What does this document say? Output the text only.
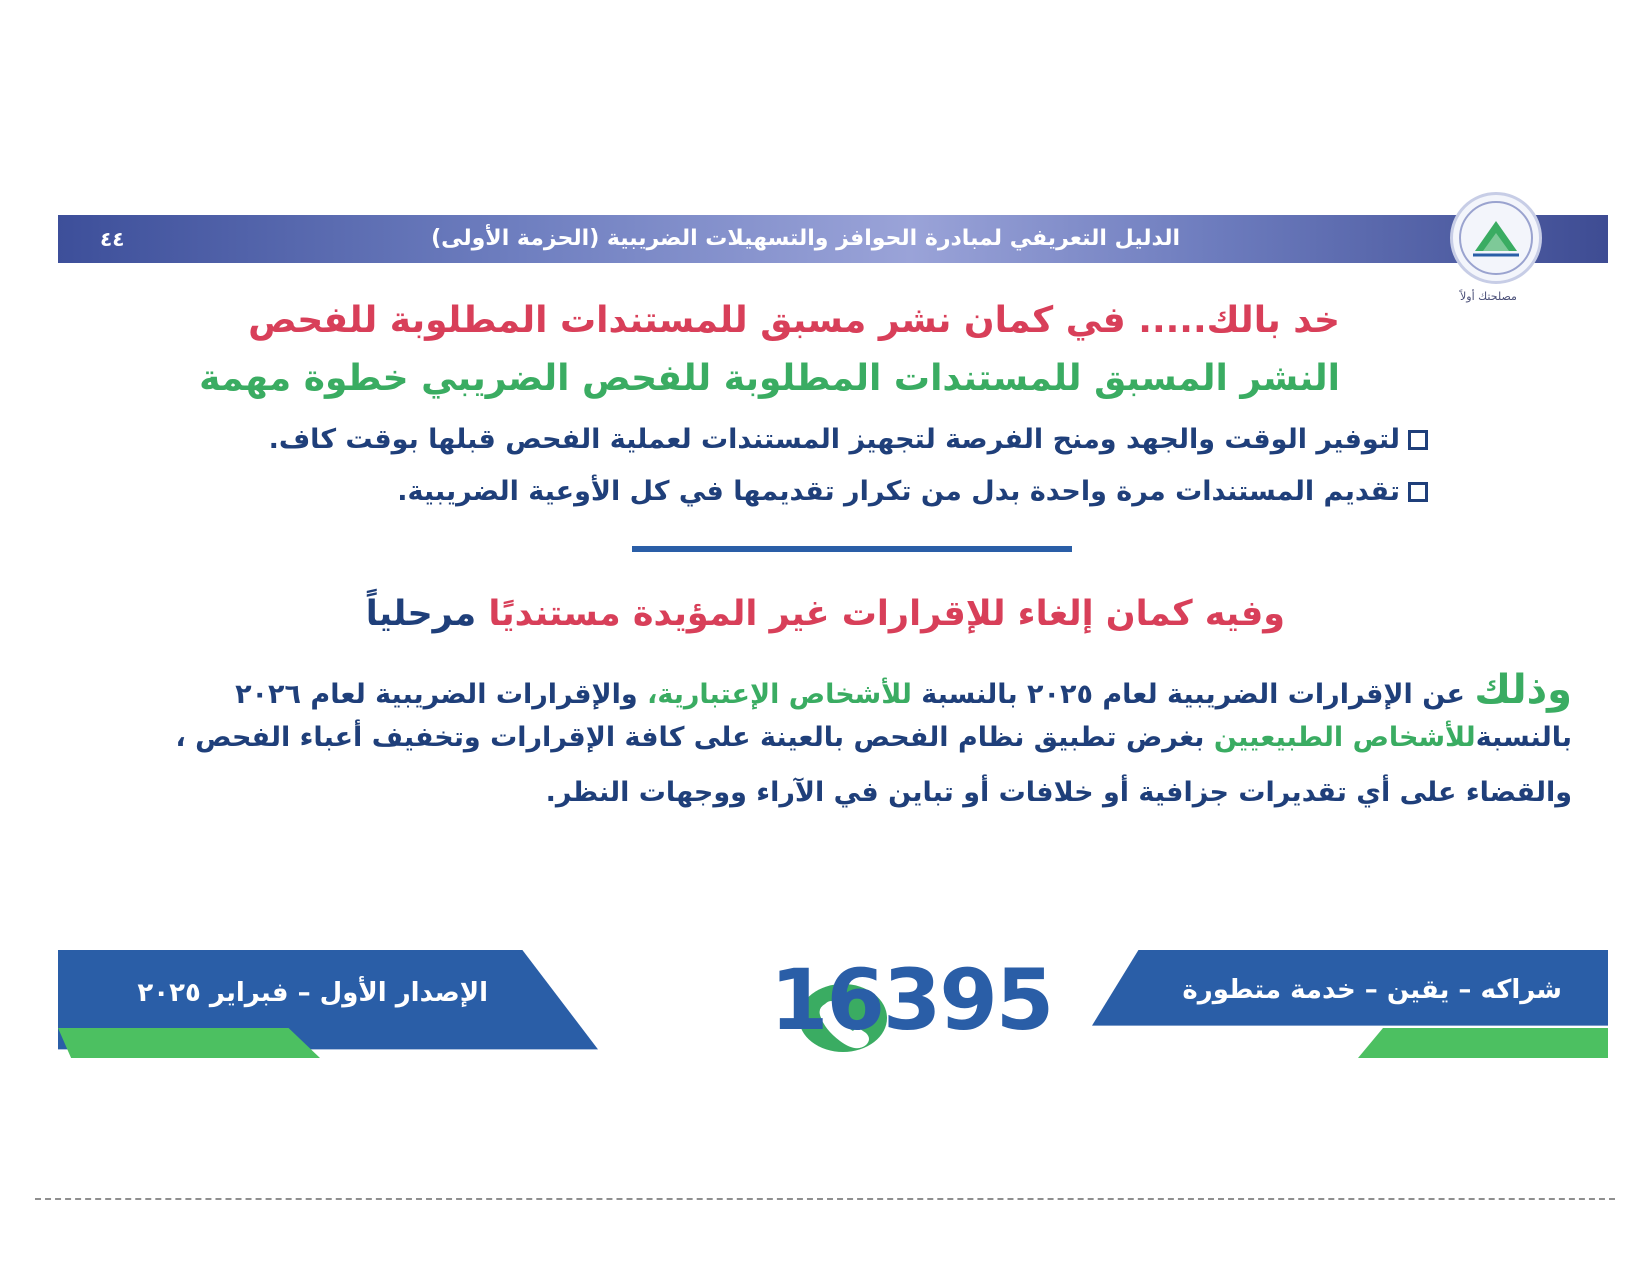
الدليل التعريفي لمبادرة الحوافز والتسهيلات الضريبية (الحزمة الأولى)
٤٤
مصلحتك أولاً
خد بالك..... في كمان نشر مسبق للمستندات المطلوبة للفحص
النشر المسبق للمستندات المطلوبة للفحص الضريبي خطوة مهمة
لتوفير الوقت والجهد ومنح الفرصة لتجهيز المستندات لعملية الفحص قبلها بوقت كاف.
تقديم المستندات مرة واحدة بدل من تكرار تقديمها في كل الأوعية الضريبية.
وفيه كمان إلغاء للإقرارات غير المؤيدة مستنديًا مرحلياً
وذلك عن الإقرارات الضريبية لعام ٢٠٢٥ بالنسبة للأشخاص الإعتبارية، والإقرارات الضريبية لعام ٢٠٢٦
بالنسبةللأشخاص الطبيعيين بغرض تطبيق نظام الفحص بالعينة على كافة الإقرارات وتخفيف أعباء الفحص ،
والقضاء على أي تقديرات جزافية أو خلافات أو تباين في الآراء ووجهات النظر.
الإصدار الأول – فبراير ٢٠٢٥	شراكه – يقين – خدمة متطورة
16395
